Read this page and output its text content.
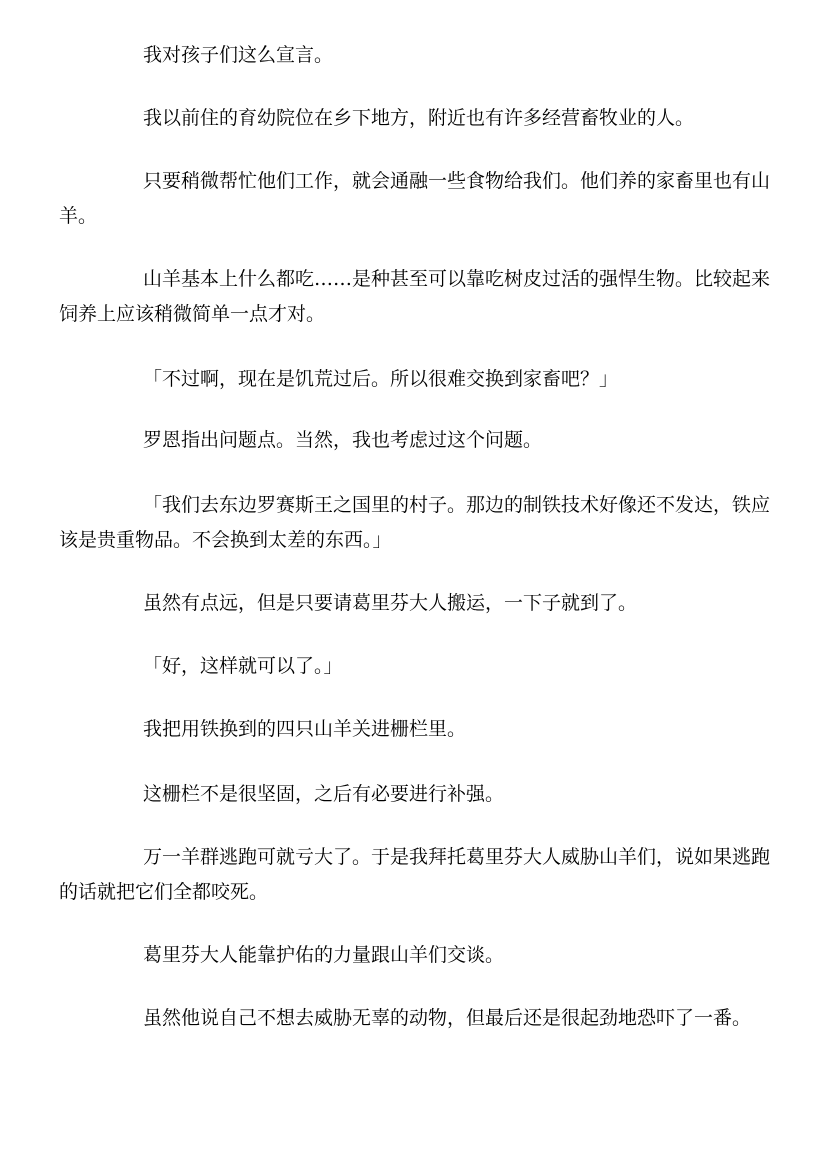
我对孩子们这么宣言。

我以前住的育幼院位在乡下地方，附近也有许多经营畜牧业的人。

只要稍微帮忙他们工作，就会通融一些食物给我们。他们养的家畜里也有山羊。

山羊基本上什么都吃……是种甚至可以靠吃树皮过活的强悍生物。比较起来饲养上应该稍微简单一点才对。

「不过啊，现在是饥荒过后。所以很难交换到家畜吧？」

罗恩指出问题点。当然，我也考虑过这个问题。

「我们去东边罗赛斯王之国里的村子。那边的制铁技术好像还不发达，铁应该是贵重物品。不会换到太差的东西。」

虽然有点远，但是只要请葛里芬大人搬运，一下子就到了。

「好，这样就可以了。」

我把用铁换到的四只山羊关进栅栏里。

这栅栏不是很坚固，之后有必要进行补强。

万一羊群逃跑可就亏大了。于是我拜托葛里芬大人威胁山羊们，说如果逃跑的话就把它们全都咬死。

葛里芬大人能靠护佑的力量跟山羊们交谈。

虽然他说自己不想去威胁无辜的动物，但最后还是很起劲地恐吓了一番。
